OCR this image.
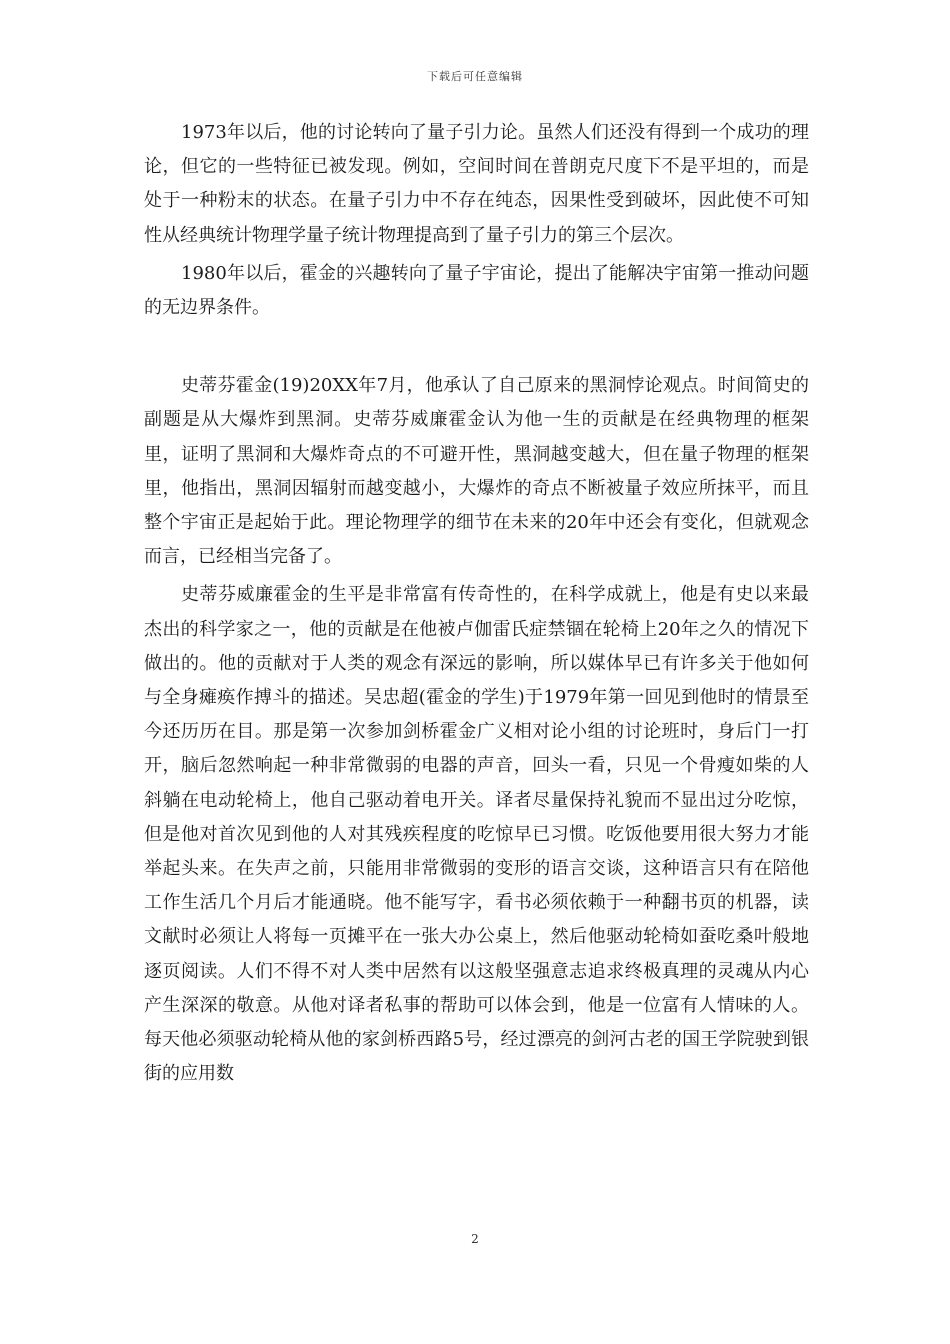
下载后可任意编辑

1973年以后，他的讨论转向了量子引力论。虽然人们还没有得到一个成功的理论，但它的一些特征已被发现。例如，空间时间在普朗克尺度下不是平坦的，而是处于一种粉末的状态。在量子引力中不存在纯态，因果性受到破坏，因此使不可知性从经典统计物理学量子统计物理提高到了量子引力的第三个层次。

1980年以后，霍金的兴趣转向了量子宇宙论，提出了能解决宇宙第一推动问题的无边界条件。

史蒂芬霍金(19)20XX年7月，他承认了自己原来的黑洞悖论观点。时间简史的副题是从大爆炸到黑洞。史蒂芬威廉霍金认为他一生的贡献是在经典物理的框架里，证明了黑洞和大爆炸奇点的不可避开性，黑洞越变越大，但在量子物理的框架里，他指出，黑洞因辐射而越变越小，大爆炸的奇点不断被量子效应所抹平，而且整个宇宙正是起始于此。理论物理学的细节在未来的20年中还会有变化，但就观念而言，已经相当完备了。

史蒂芬威廉霍金的生平是非常富有传奇性的，在科学成就上，他是有史以来最杰出的科学家之一，他的贡献是在他被卢伽雷氏症禁锢在轮椅上20年之久的情况下做出的。他的贡献对于人类的观念有深远的影响，所以媒体早已有许多关于他如何与全身瘫痪作搏斗的描述。吴忠超(霍金的学生)于1979年第一回见到他时的情景至今还历历在目。那是第一次参加剑桥霍金广义相对论小组的讨论班时，身后门一打开，脑后忽然响起一种非常微弱的电器的声音，回头一看，只见一个骨瘦如柴的人斜躺在电动轮椅上，他自己驱动着电开关。译者尽量保持礼貌而不显出过分吃惊，但是他对首次见到他的人对其残疾程度的吃惊早已习惯。吃饭他要用很大努力才能举起头来。在失声之前，只能用非常微弱的变形的语言交谈，这种语言只有在陪他工作生活几个月后才能通晓。他不能写字，看书必须依赖于一种翻书页的机器，读文献时必须让人将每一页摊平在一张大办公桌上，然后他驱动轮椅如蚕吃桑叶般地逐页阅读。人们不得不对人类中居然有以这般坚强意志追求终极真理的灵魂从内心产生深深的敬意。从他对译者私事的帮助可以体会到，他是一位富有人情味的人。每天他必须驱动轮椅从他的家剑桥西路5号，经过漂亮的剑河古老的国王学院驶到银街的应用数

2
